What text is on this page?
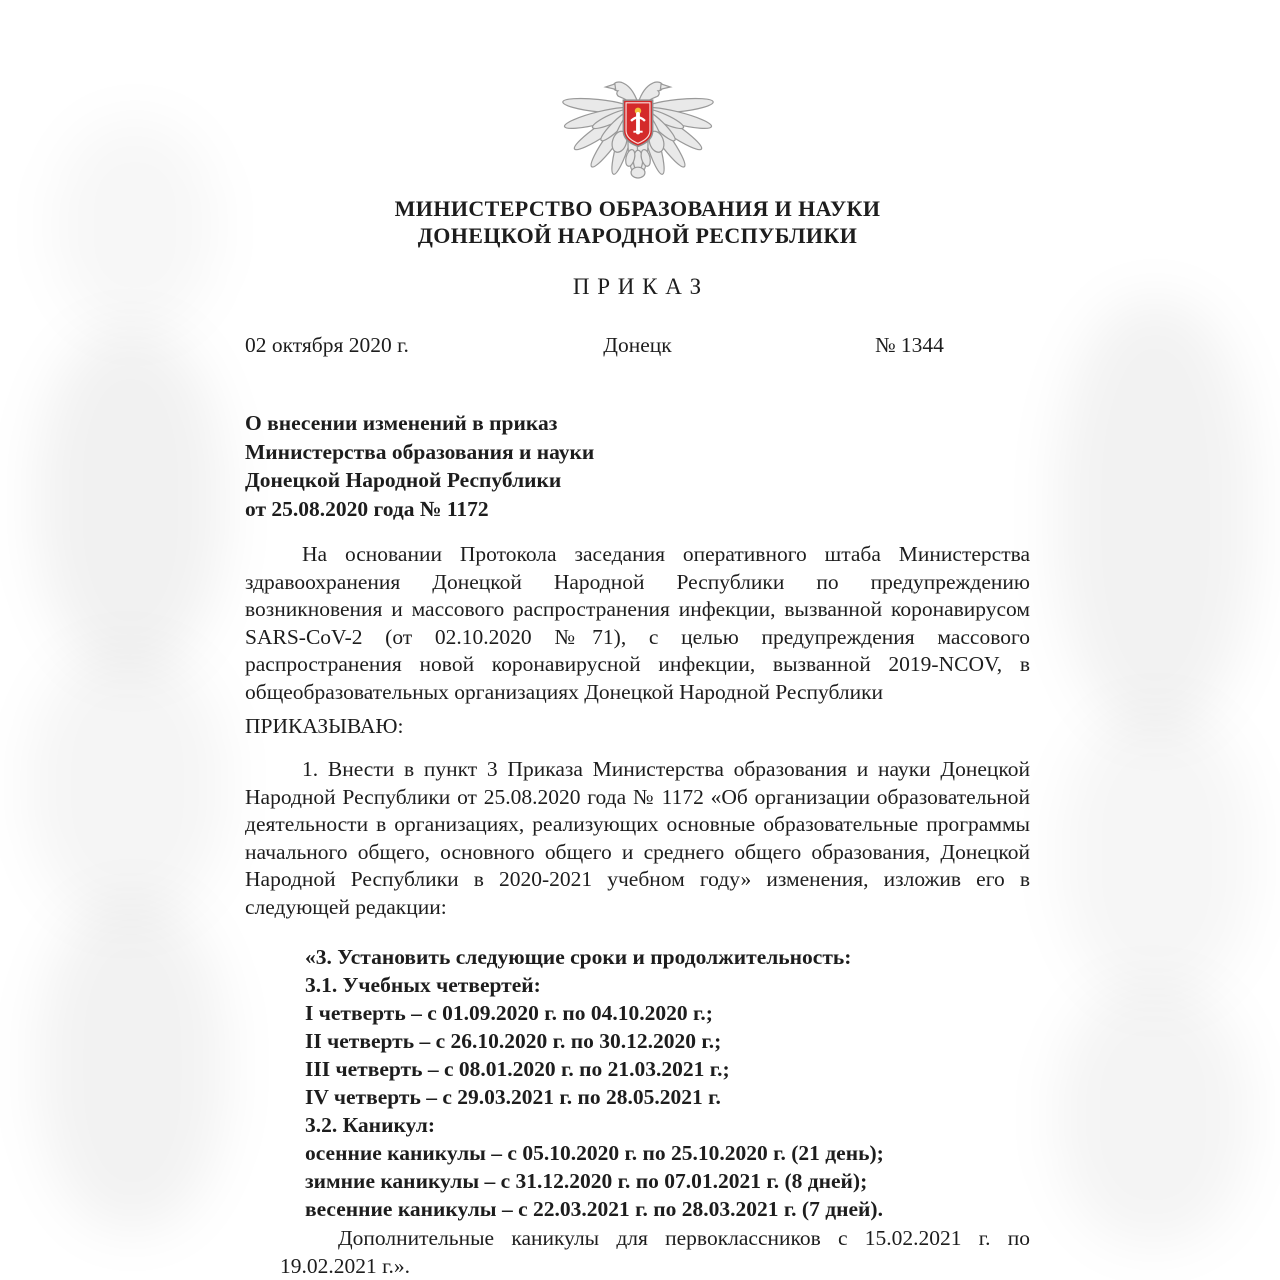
МИНИСТЕРСТВО ОБРАЗОВАНИЯ И НАУКИ
ДОНЕЦКОЙ НАРОДНОЙ РЕСПУБЛИКИ
П Р И К А З
02 октября 2020 г.	Донецк	№ 1344
О внесении изменений в приказ
Министерства образования и науки
Донецкой Народной Республики
от 25.08.2020 года № 1172
На основании Протокола заседания оперативного штаба Министерства здравоохранения Донецкой Народной Республики по предупреждению возникновения и массового распространения инфекции, вызванной коронавирусом SARS-CoV-2 (от 02.10.2020 №71), с целью предупреждения массового распространения новой коронавирусной инфекции, вызванной 2019-NCOV, в общеобразовательных организациях Донецкой Народной Республики
ПРИКАЗЫВАЮ:
1. Внести в пункт 3 Приказа Министерства образования и науки Донецкой Народной Республики от 25.08.2020 года № 1172 «Об организации образовательной деятельности в организациях, реализующих основные образовательные программы начального общего, основного общего и среднего общего образования, Донецкой Народной Республики в 2020-2021 учебном году» изменения, изложив его в следующей редакции:
«3. Установить следующие сроки и продолжительность:
3.1. Учебных четвертей:
I четверть – с 01.09.2020 г. по 04.10.2020 г.;
II четверть – с 26.10.2020 г. по 30.12.2020 г.;
III четверть – с 08.01.2020 г. по 21.03.2021 г.;
IV четверть – с 29.03.2021 г. по 28.05.2021 г.
3.2. Каникул:
осенние каникулы – с 05.10.2020 г. по 25.10.2020 г. (21 день);
зимние каникулы – с 31.12.2020 г. по 07.01.2021 г. (8 дней);
весенние каникулы – с 22.03.2021 г. по 28.03.2021 г. (7 дней).
Дополнительные каникулы для первоклассников с 15.02.2021 г. по 19.02.2021 г.».
